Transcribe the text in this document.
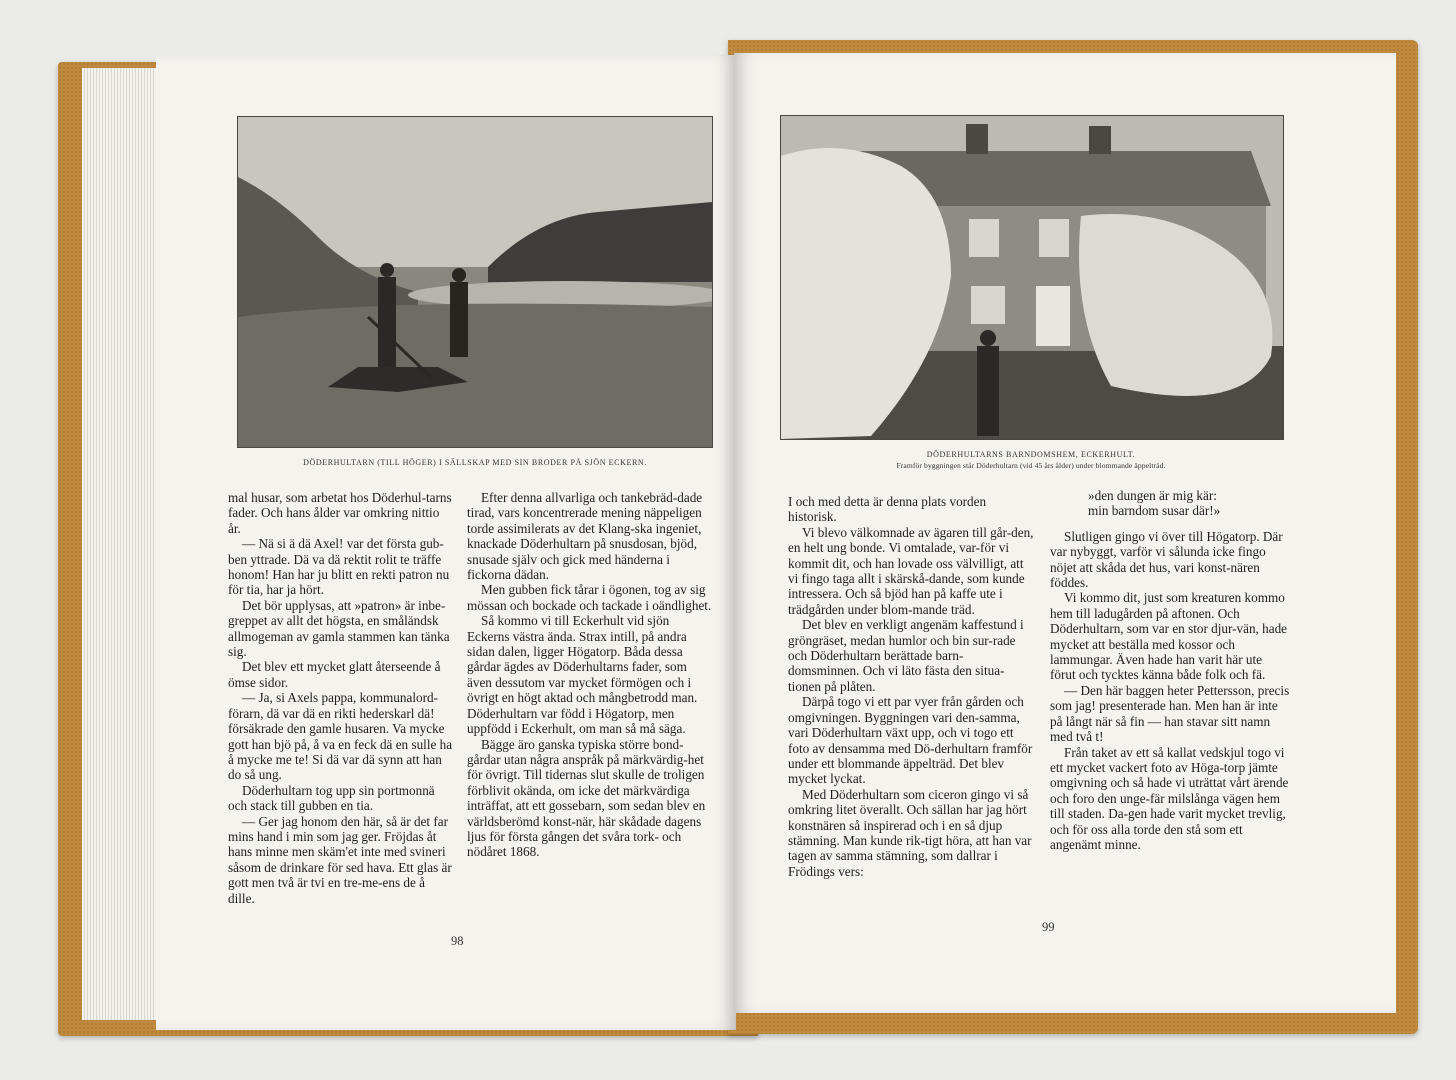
DÖDERHULTARN (TILL HÖGER) I SÄLLSKAP MED SIN BRODER PÅ SJÖN ECKERN.

mal husar, som arbetat hos Döderhul-tarns fader. Och hans ålder var omkring nittio år.

— Nä si ä dä Axel! var det första gub-ben yttrade. Dä va dä rektit rolit te träffe honom! Han har ju blitt en rekti patron nu för tia, har ja hört.

Det bör upplysas, att »patron» är inbe-greppet av allt det högsta, en småländsk allmogeman av gamla stammen kan tänka sig.

Det blev ett mycket glatt återseende å ömse sidor.

— Ja, si Axels pappa, kommunalord-förarn, dä var dä en rikti hederskarl dä! försäkrade den gamle husaren. Va mycke gott han bjö på, å va en feck dä en sulle ha å mycke me te! Si dä var dä synn att han do så ung.

Döderhultarn tog upp sin portmonnä och stack till gubben en tia.

— Ger jag honom den här, så är det far mins hand i min som jag ger. Fröjdas åt hans minne men skäm'et inte med svineri såsom de drinkare för sed hava. Ett glas är gott men två är tvi en tre-me-ens de å dille.

Efter denna allvarliga och tankebräd-dade tirad, vars koncentrerade mening näppeligen torde assimilerats av det Klang-ska ingeniet, knackade Döderhultarn på snusdosan, bjöd, snusade själv och gick med händerna i fickorna dädan.

Men gubben fick tårar i ögonen, tog av sig mössan och bockade och tackade i oändlighet.

Så kommo vi till Eckerhult vid sjön Eckerns västra ända. Strax intill, på andra sidan dalen, ligger Högatorp. Båda dessa gårdar ägdes av Döderhultarns fader, som även dessutom var mycket förmögen och i övrigt en högt aktad och mångbetrodd man. Döderhultarn var född i Högatorp, men uppfödd i Eckerhult, om man så må säga.

Bägge äro ganska typiska större bond-gårdar utan några anspråk på märkvärdig-het för övrigt. Till tidernas slut skulle de troligen förblivit okända, om icke det märkvärdiga inträffat, att ett gossebarn, som sedan blev en världsberömd konst-när, här skådade dagens ljus för första gången det svåra tork- och nödåret 1868.

98
DÖDERHULTARNS BARNDOMSHEM, ECKERHULT.
Framför byggningen står Döderhultarn (vid 45 års ålder) under blommande äppelträd.

I och med detta är denna plats vorden historisk.

Vi blevo välkomnade av ägaren till går-den, en helt ung bonde. Vi omtalade, var-för vi kommit dit, och han lovade oss välvilligt, att vi fingo taga allt i skärskå-dande, som kunde intressera. Och så bjöd han på kaffe ute i trädgården under blom-mande träd.

Det blev en verkligt angenäm kaffestund i gröngräset, medan humlor och bin sur-rade och Döderhultarn berättade barn-domsminnen. Och vi läto fästa den situa-tionen på plåten.

Därpå togo vi ett par vyer från gården och omgivningen. Byggningen vari den-samma, vari Döderhultarn växt upp, och vi togo ett foto av densamma med Dö-derhultarn framför under ett blommande äppelträd. Det blev mycket lyckat.

Med Döderhultarn som ciceron gingo vi så omkring litet överallt. Och sällan har jag hört konstnären så inspirerad och i en så djup stämning. Man kunde rik-tigt höra, att han var tagen av samma stämning, som dallrar i Frödings vers:

»den dungen är mig kär:

min barndom susar där!»

Slutligen gingo vi över till Högatorp. Där var nybyggt, varför vi sålunda icke fingo nöjet att skåda det hus, vari konst-nären föddes.

Vi kommo dit, just som kreaturen kommo hem till ladugården på aftonen. Och Döderhultarn, som var en stor djur-vän, hade mycket att beställa med kossor och lammungar. Även hade han varit här ute förut och tycktes känna både folk och fä.

— Den här baggen heter Pettersson, precis som jag! presenterade han. Men han är inte på långt när så fin — han stavar sitt namn med två t!

Från taket av ett så kallat vedskjul togo vi ett mycket vackert foto av Höga-torp jämte omgivning och så hade vi uträttat vårt ärende och foro den unge-fär milslånga vägen hem till staden. Da-gen hade varit mycket trevlig, och för oss alla torde den stå som ett angenämt minne.

99
